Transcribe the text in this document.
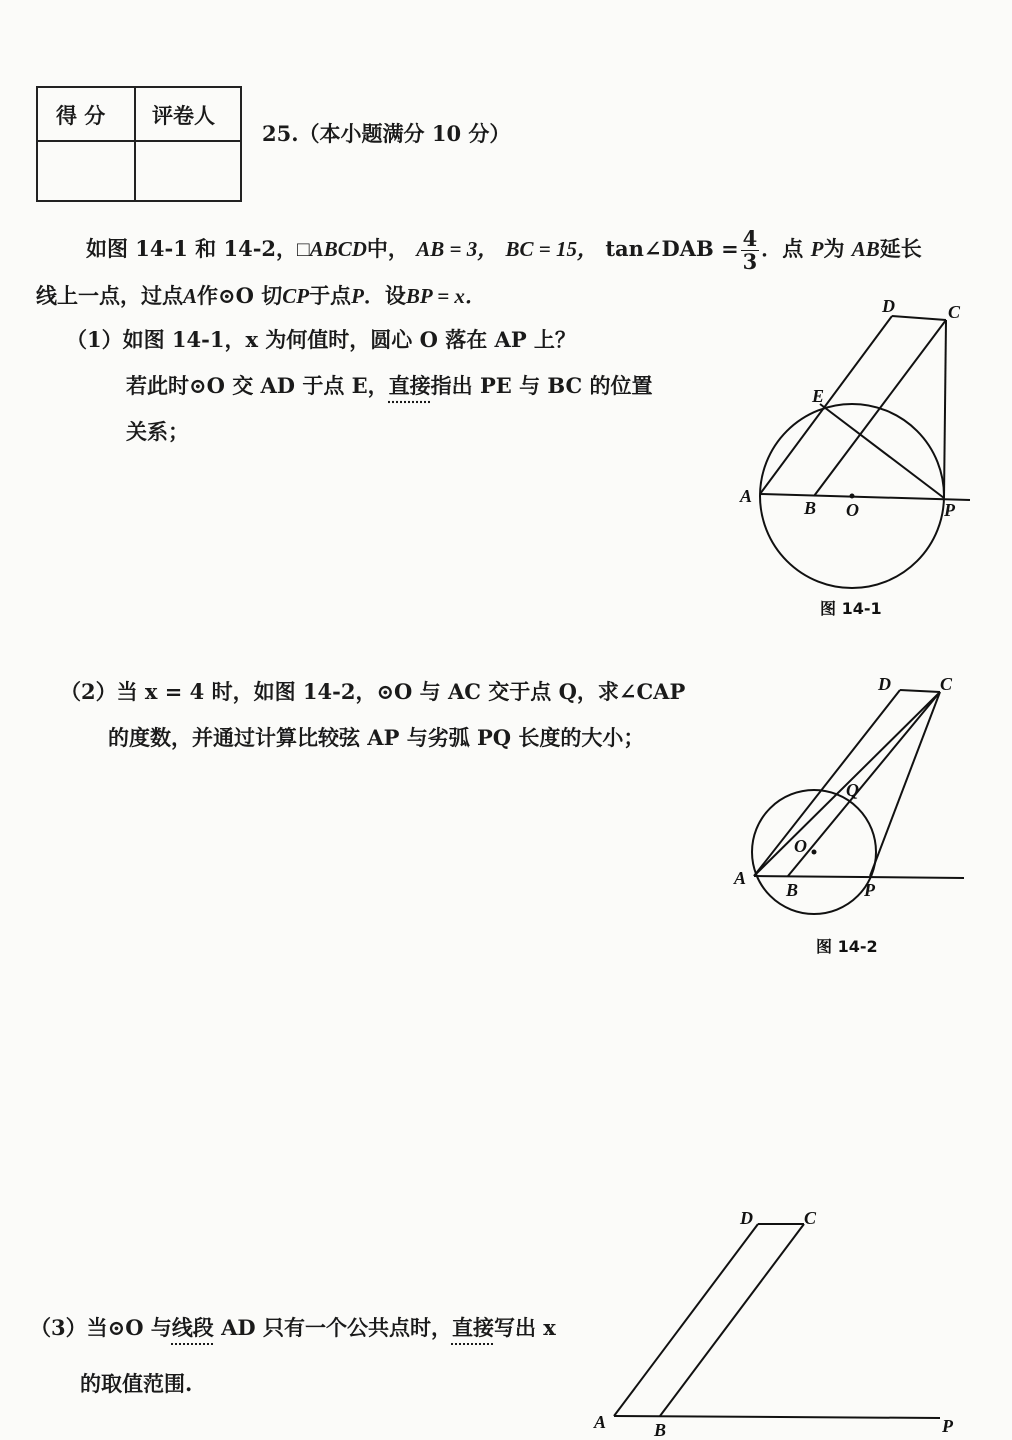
得 分 评卷人
25.（本小题满分 10 分）
如图 14-1 和 14-2，□ABCD中， AB = 3， BC = 15， tan∠DAB = $\frac{4}{3}$ ．点 P为 AB延长
线上一点，过点A作⊙O 切CP于点P．设BP = x．
（1）如图 14-1，x 为何值时，圆心 O 落在 AP 上？
若此时⊙O 交 AD 于点 E，直接指出 PE 与 BC 的位置
关系；
A
B O	P
D	C
E
图 14-1
（2）当 x = 4 时，如图 14-2，⊙O 与 AC 交于点 Q，求∠CAP
的度数，并通过计算比较弦 AP 与劣弧 PQ 长度的大小；
A
B	P
O
Q
D	C
图 14-2
（3）当⊙O 与线段 AD 只有一个公共点时，直接写出 x
的取值范围.
A	B	P
D	C
